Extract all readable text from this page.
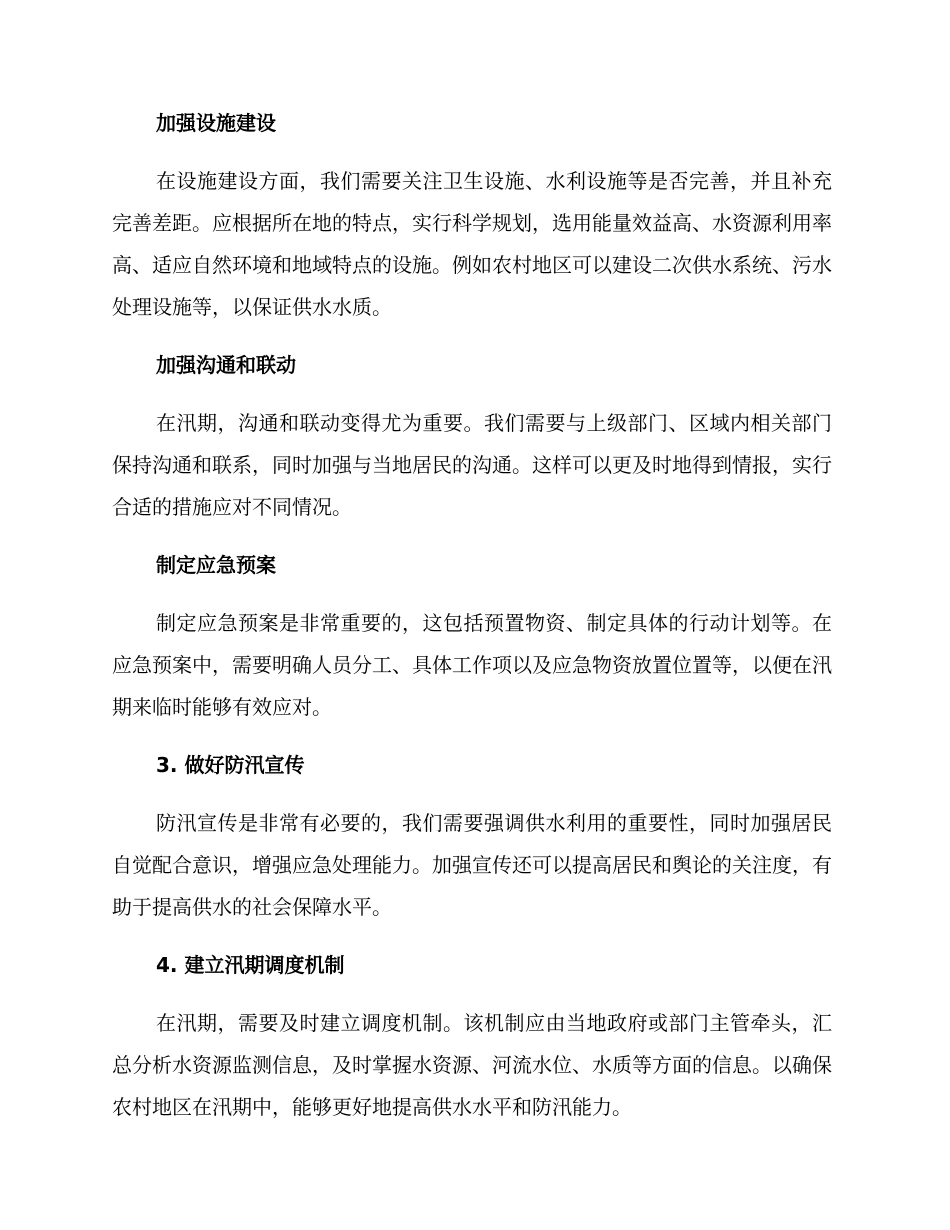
加强设施建设

在设施建设方面，我们需要关注卫生设施、水利设施等是否完善，并且补充完善差距。应根据所在地的特点，实行科学规划，选用能量效益高、水资源利用率高、适应自然环境和地域特点的设施。例如农村地区可以建设二次供水系统、污水处理设施等，以保证供水水质。

加强沟通和联动

在汛期，沟通和联动变得尤为重要。我们需要与上级部门、区域内相关部门保持沟通和联系，同时加强与当地居民的沟通。这样可以更及时地得到情报，实行合适的措施应对不同情况。

制定应急预案

制定应急预案是非常重要的，这包括预置物资、制定具体的行动计划等。在应急预案中，需要明确人员分工、具体工作项以及应急物资放置位置等，以便在汛期来临时能够有效应对。

3. 做好防汛宣传

防汛宣传是非常有必要的，我们需要强调供水利用的重要性，同时加强居民自觉配合意识，增强应急处理能力。加强宣传还可以提高居民和舆论的关注度，有助于提高供水的社会保障水平。

4. 建立汛期调度机制

在汛期，需要及时建立调度机制。该机制应由当地政府或部门主管牵头，汇总分析水资源监测信息，及时掌握水资源、河流水位、水质等方面的信息。以确保农村地区在汛期中，能够更好地提高供水水平和防汛能力。
